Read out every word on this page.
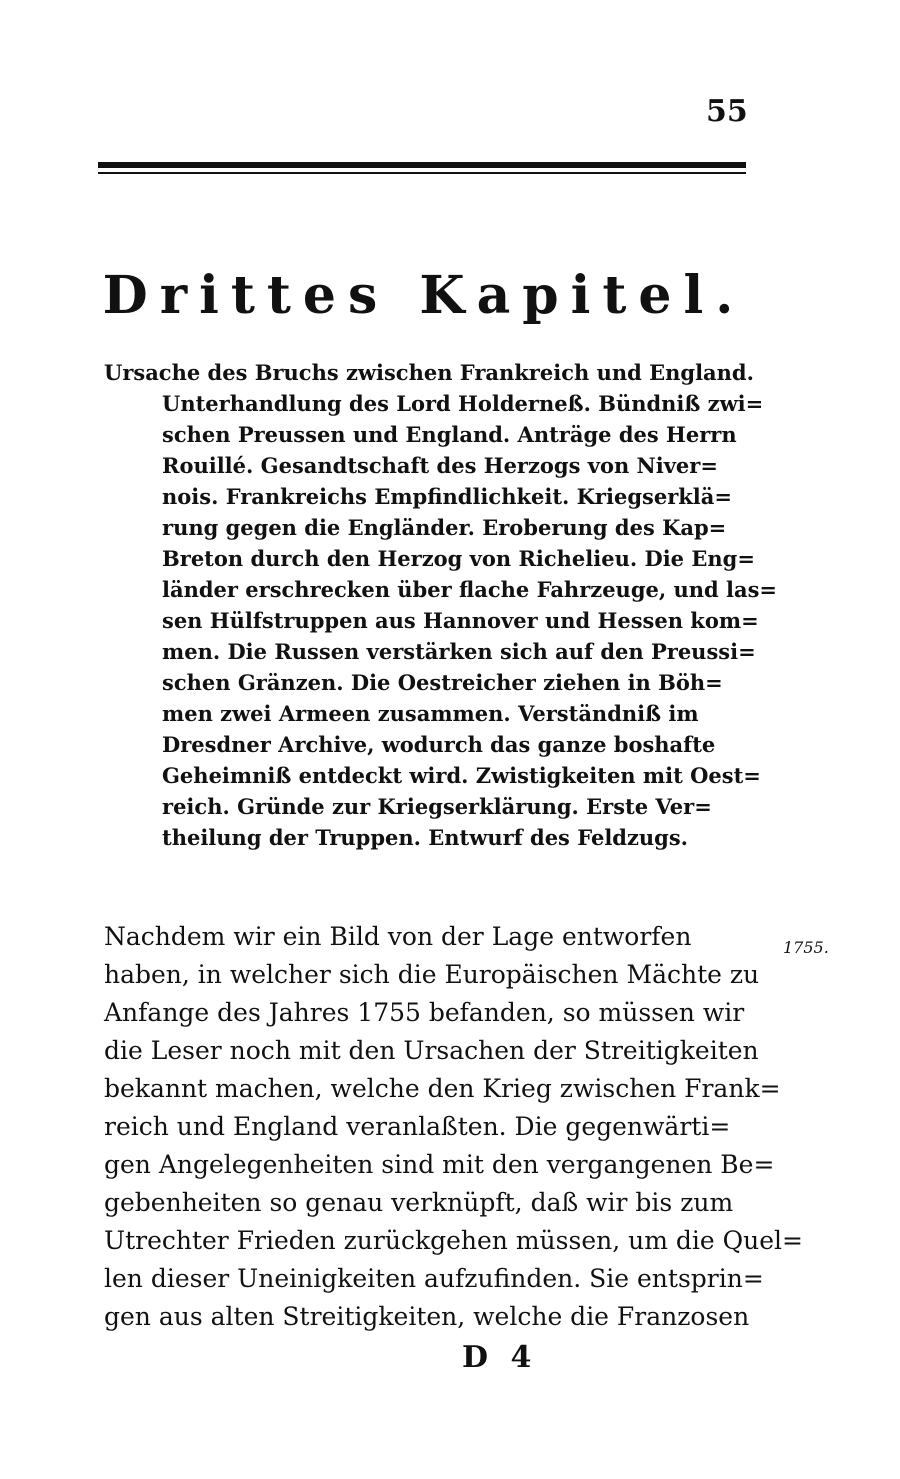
55
Drittes Kapitel.
Ursache des Bruchs zwischen Frankreich und England.
Unterhandlung des Lord Holderneß. Bündniß zwi=
schen Preussen und England. Anträge des Herrn
Rouillé. Gesandtschaft des Herzogs von Niver=
nois. Frankreichs Empfindlichkeit. Kriegserklä=
rung gegen die Engländer. Eroberung des Kap=
Breton durch den Herzog von Richelieu. Die Eng=
länder erschrecken über flache Fahrzeuge, und las=
sen Hülfstruppen aus Hannover und Hessen kom=
men. Die Russen verstärken sich auf den Preussi=
schen Gränzen. Die Oestreicher ziehen in Böh=
men zwei Armeen zusammen. Verständniß im
Dresdner Archive, wodurch das ganze boshafte
Geheimniß entdeckt wird. Zwistigkeiten mit Oest=
reich. Gründe zur Kriegserklärung. Erste Ver=
theilung der Truppen. Entwurf des Feldzugs.
1755.
Nachdem wir ein Bild von der Lage entworfen
haben, in welcher sich die Europäischen Mächte zu
Anfange des Jahres 1755 befanden, so müssen wir
die Leser noch mit den Ursachen der Streitigkeiten
bekannt machen, welche den Krieg zwischen Frank=
reich und England veranlaßten. Die gegenwärti=
gen Angelegenheiten sind mit den vergangenen Be=
gebenheiten so genau verknüpft, daß wir bis zum
Utrechter Frieden zurückgehen müssen, um die Quel=
len dieser Uneinigkeiten aufzufinden. Sie entsprin=
gen aus alten Streitigkeiten, welche die Franzosen
D 4
